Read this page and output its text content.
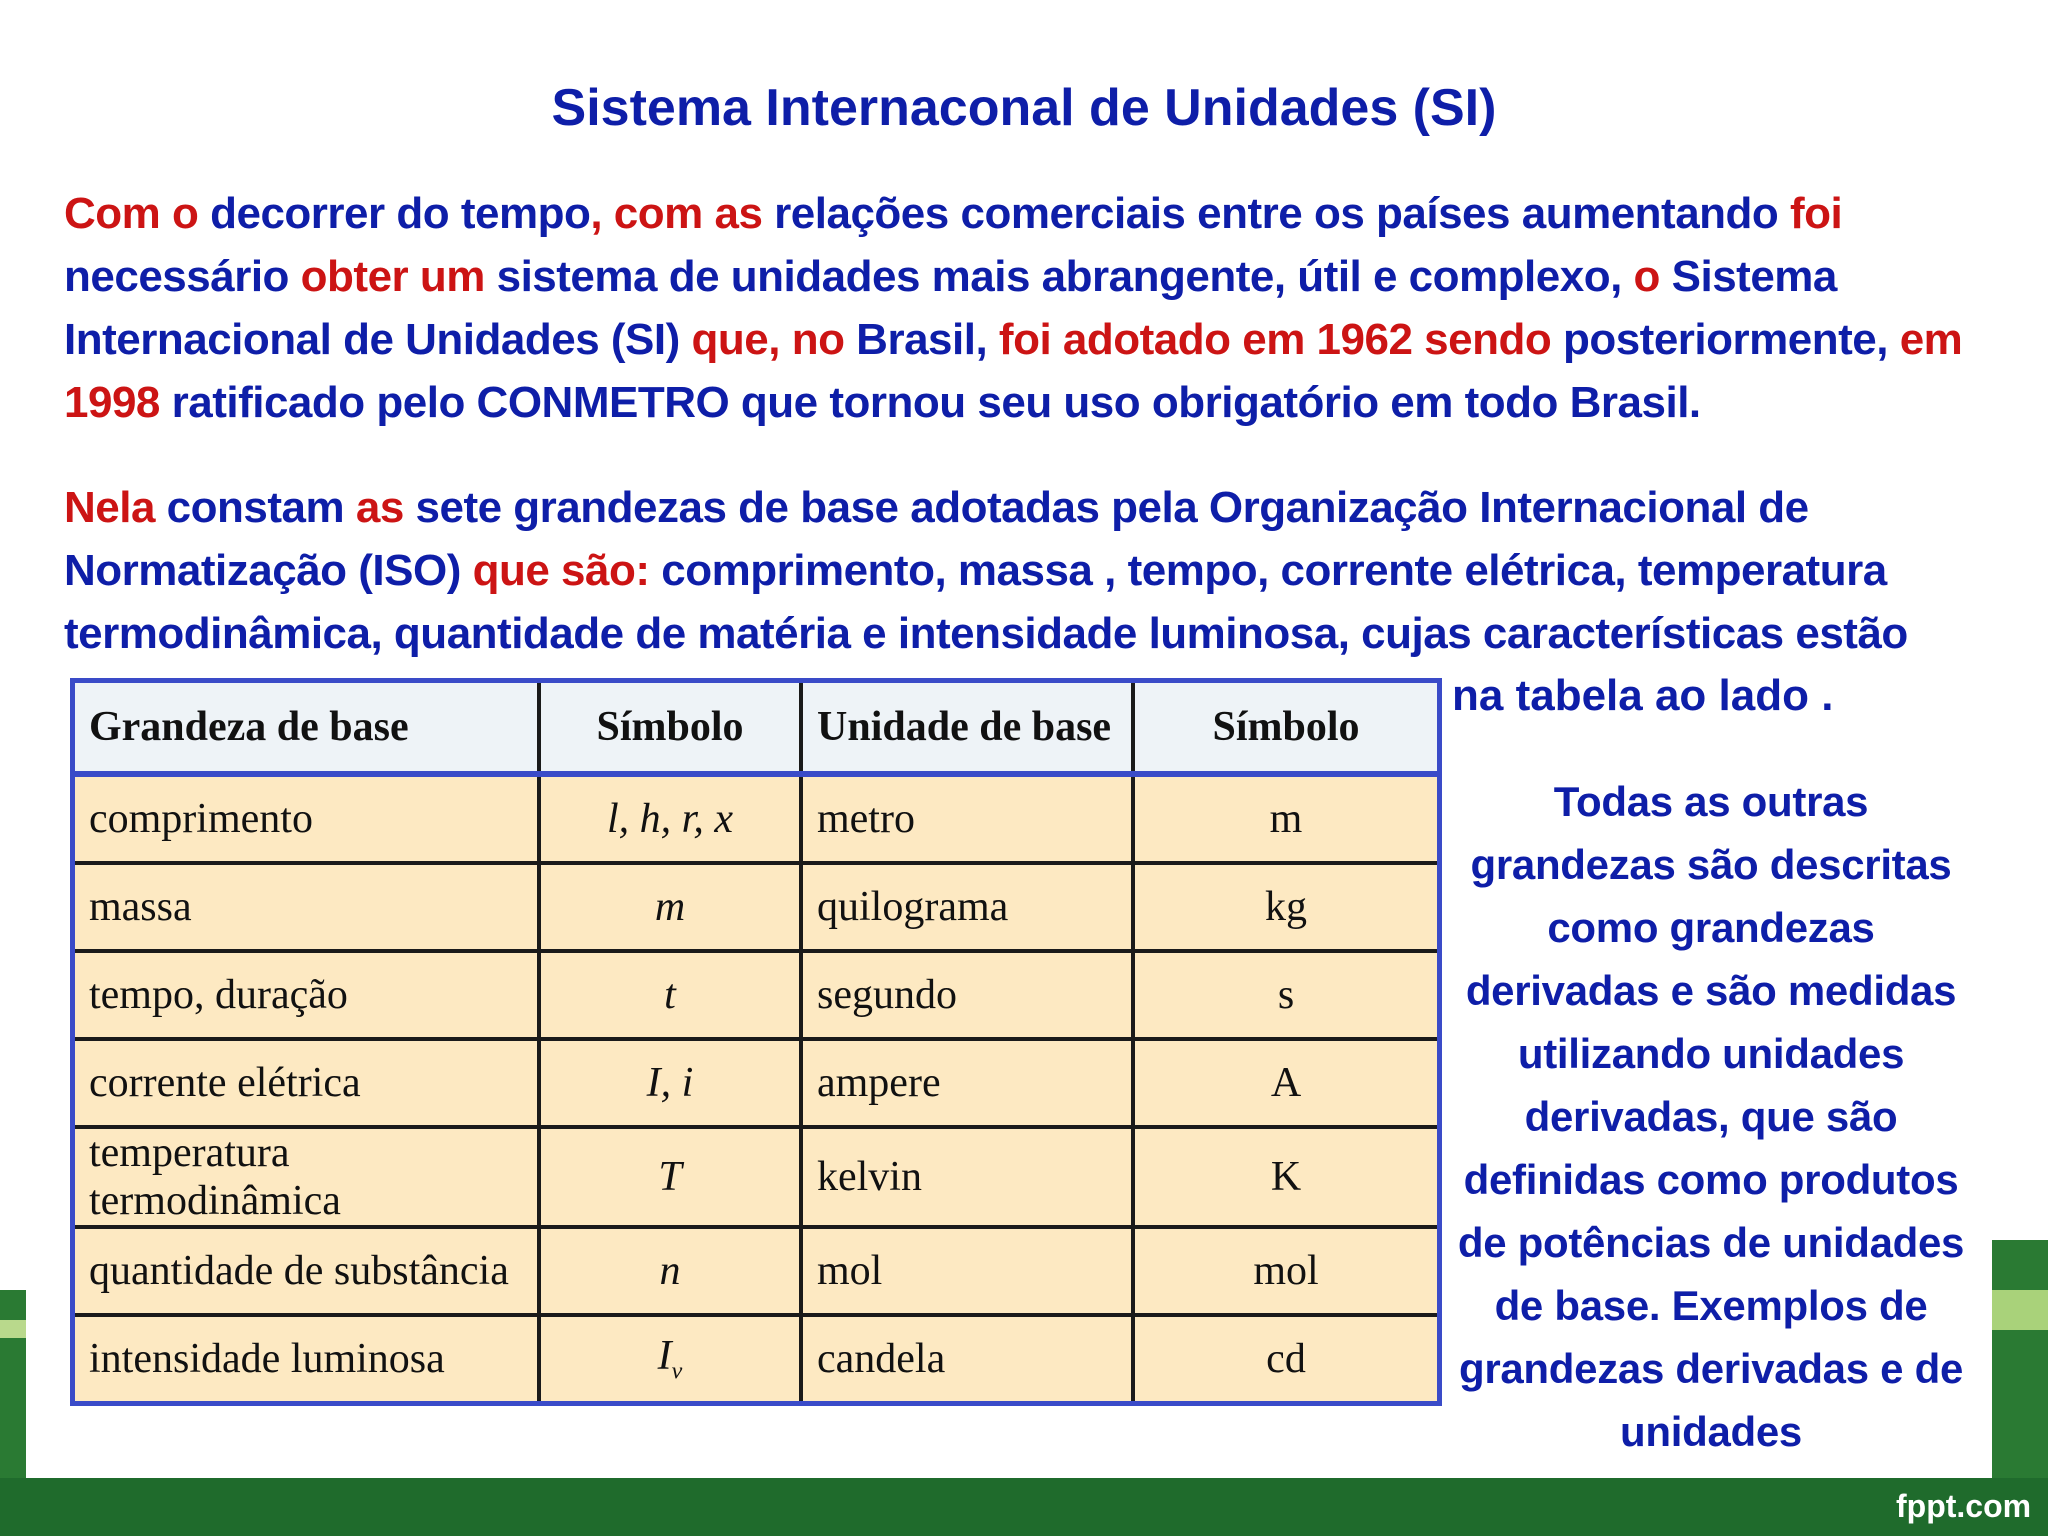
fppt.com
Sistema Internaconal de Unidades (SI)
Com o decorrer do tempo, com as relações comerciais entre os países aumentando foi necessário obter um sistema de unidades mais abrangente, útil e complexo, o Sistema Internacional de Unidades (SI) que, no Brasil, foi adotado em 1962 sendo posteriormente, em 1998 ratificado pelo CONMETRO que tornou seu uso obrigatório em todo Brasil.
Nela constam as sete grandezas de base adotadas pela Organização Internacional de Normatização (ISO) que são: comprimento, massa , tempo, corrente elétrica, temperatura termodinâmica, quantidade de matéria e intensidade luminosa, cujas características estão
na tabela ao lado .
Todas as outras grandezas são descritas como grandezas derivadas e são medidas utilizando unidades derivadas, que são definidas como produtos de potências de unidades de base. Exemplos de grandezas derivadas e de unidades
Grandeza de base	Símbolo	Unidade de base	Símbolo
comprimento	l, h, r, x	metro	m
massa	m	quilograma	kg
tempo, duração	t	segundo	s
corrente elétrica	I, i	ampere	A
temperatura termodinâmica	T	kelvin	K
quantidade de substância	n	mol	mol
intensidade luminosa	$I_v$	candela	cd
